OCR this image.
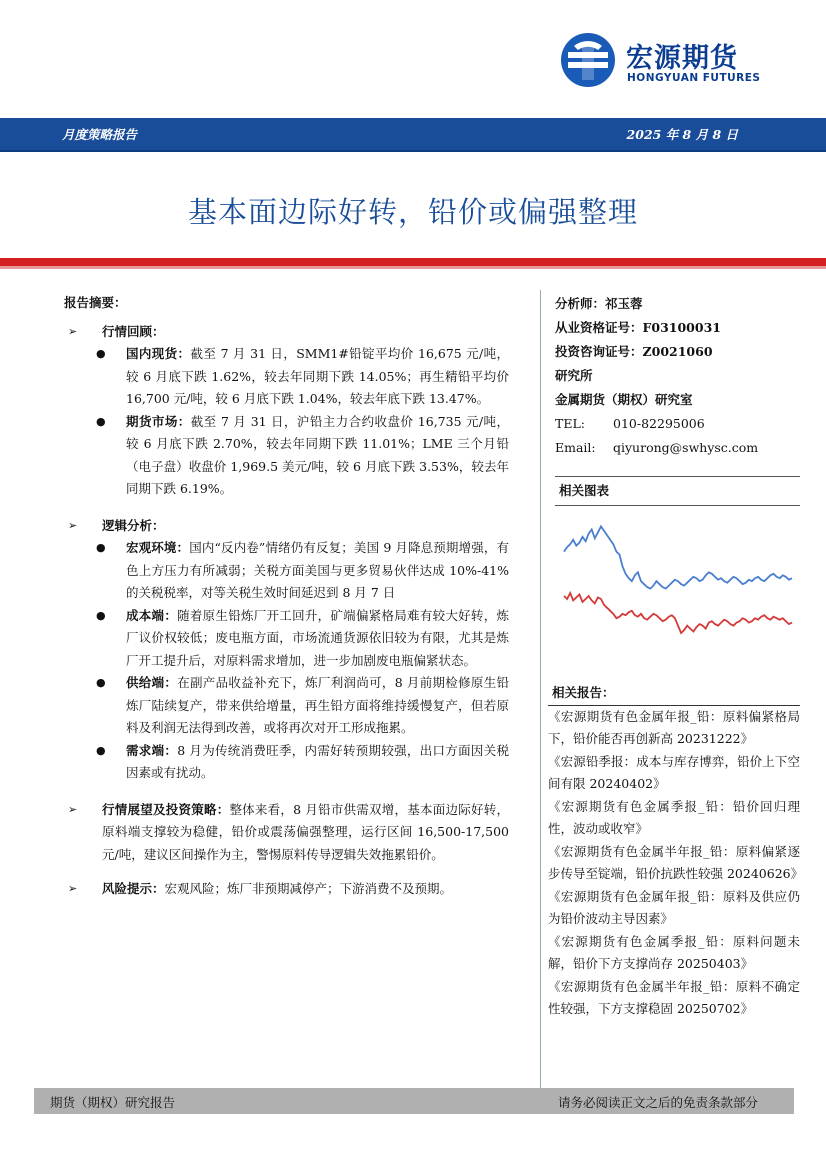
宏源期货
HONGYUAN FUTURES
月度策略报告	2025 年 8 月 8 日
基本面边际好转，铅价或偏强整理

报告摘要：

➢ 行情回顾：
● 国内现货：截至 7 月 31 日，SMM1#铅锭平均价 16,675 元/吨，较 6 月底下跌 1.62%，较去年同期下跌 14.05%；再生精铅平均价 16,700 元/吨，较 6 月底下跌 1.04%，较去年底下跌 13.47%。
● 期货市场：截至 7 月 31 日，沪铅主力合约收盘价 16,735 元/吨，较 6 月底下跌 2.70%，较去年同期下跌 11.01%；LME 三个月铅（电子盘）收盘价 1,969.5 美元/吨，较 6 月底下跌 3.53%，较去年同期下跌 6.19%。
➢ 逻辑分析：
● 宏观环境：国内“反内卷”情绪仍有反复；美国 9 月降息预期增强，有色上方压力有所减弱；关税方面美国与更多贸易伙伴达成 10%-41%的关税税率，对等关税生效时间延迟到 8 月 7 日
● 成本端：随着原生铅炼厂开工回升，矿端偏紧格局难有较大好转，炼厂议价权较低；废电瓶方面，市场流通货源依旧较为有限，尤其是炼厂开工提升后，对原料需求增加，进一步加剧废电瓶偏紧状态。
● 供给端：在副产品收益补充下，炼厂利润尚可，8 月前期检修原生铅炼厂陆续复产，带来供给增量，再生铅方面将维持缓慢复产，但若原料及利润无法得到改善，或将再次对开工形成拖累。
● 需求端：8 月为传统消费旺季，内需好转预期较强，出口方面因关税因素或有扰动。
➢ 行情展望及投资策略：整体来看，8 月铅市供需双增，基本面边际好转，原料端支撑较为稳健，铅价或震荡偏强整理，运行区间 16,500-17,500 元/吨，建议区间操作为主，警惕原料传导逻辑失效拖累铅价。
➢ 风险提示：宏观风险；炼厂非预期减停产；下游消费不及预期。
分析师：祁玉蓉
从业资格证号：F03100031
投资咨询证号：Z0021060
研究所
金属期货（期权）研究室
TEL: 010-82295006
Email: qiyurong@swhysc.com
相关图表
相关报告：

《宏源期货有色金属年报_铅：原料偏紧格局下，铅价能否再创新高 20231222》

《宏源铅季报：成本与库存博弈，铅价上下空间有限 20240402》

《宏源期货有色金属季报_铅：铅价回归理性，波动或收窄》

《宏源期货有色金属半年报_铅：原料偏紧逐步传导至锭端，铅价抗跌性较强 20240626》

《宏源期货有色金属年报_铅：原料及供应仍为铅价波动主导因素》

《宏源期货有色金属季报_铅：原料问题未解，铅价下方支撑尚存 20250403》

《宏源期货有色金属半年报_铅：原料不确定性较强，下方支撑稳固 20250702》

期货（期权）研究报告	请务必阅读正文之后的免责条款部分
